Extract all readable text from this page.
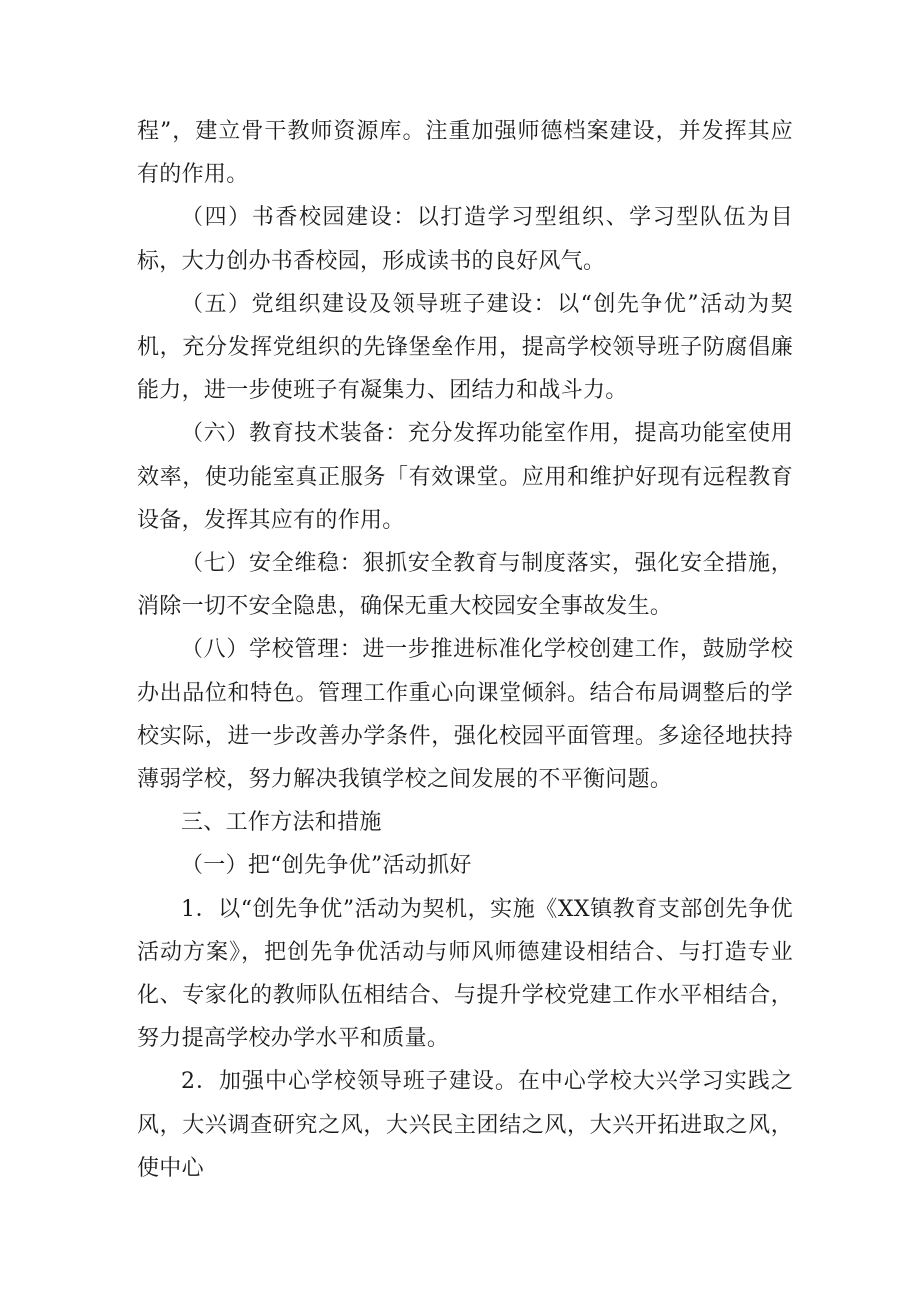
程”，建立骨干教师资源库。注重加强师德档案建设，并发挥其应有的作用。

（四）书香校园建设：以打造学习型组织、学习型队伍为目标，大力创办书香校园，形成读书的良好风气。

（五）党组织建设及领导班子建设：以“创先争优”活动为契机，充分发挥党组织的先锋堡垒作用，提高学校领导班子防腐倡廉能力，进一步使班子有凝集力、团结力和战斗力。

（六）教育技术装备：充分发挥功能室作用，提高功能室使用效率，使功能室真正服务「有效课堂。应用和维护好现有远程教育设备，发挥其应有的作用。

（七）安全维稳：狠抓安全教育与制度落实，强化安全措施，消除一切不安全隐患，确保无重大校园安全事故发生。

（八）学校管理：进一步推进标准化学校创建工作，鼓励学校办出品位和特色。管理工作重心向课堂倾斜。结合布局调整后的学校实际，进一步改善办学条件，强化校园平面管理。多途径地扶持薄弱学校，努力解决我镇学校之间发展的不平衡问题。

三、工作方法和措施

（一）把“创先争优”活动抓好

1．以“创先争优”活动为契机，实施《XX镇教育支部创先争优活动方案》，把创先争优活动与师风师德建设相结合、与打造专业化、专家化的教师队伍相结合、与提升学校党建工作水平相结合，努力提高学校办学水平和质量。

2．加强中心学校领导班子建设。在中心学校大兴学习实践之风，大兴调查研究之风，大兴民主团结之风，大兴开拓进取之风，使中心
